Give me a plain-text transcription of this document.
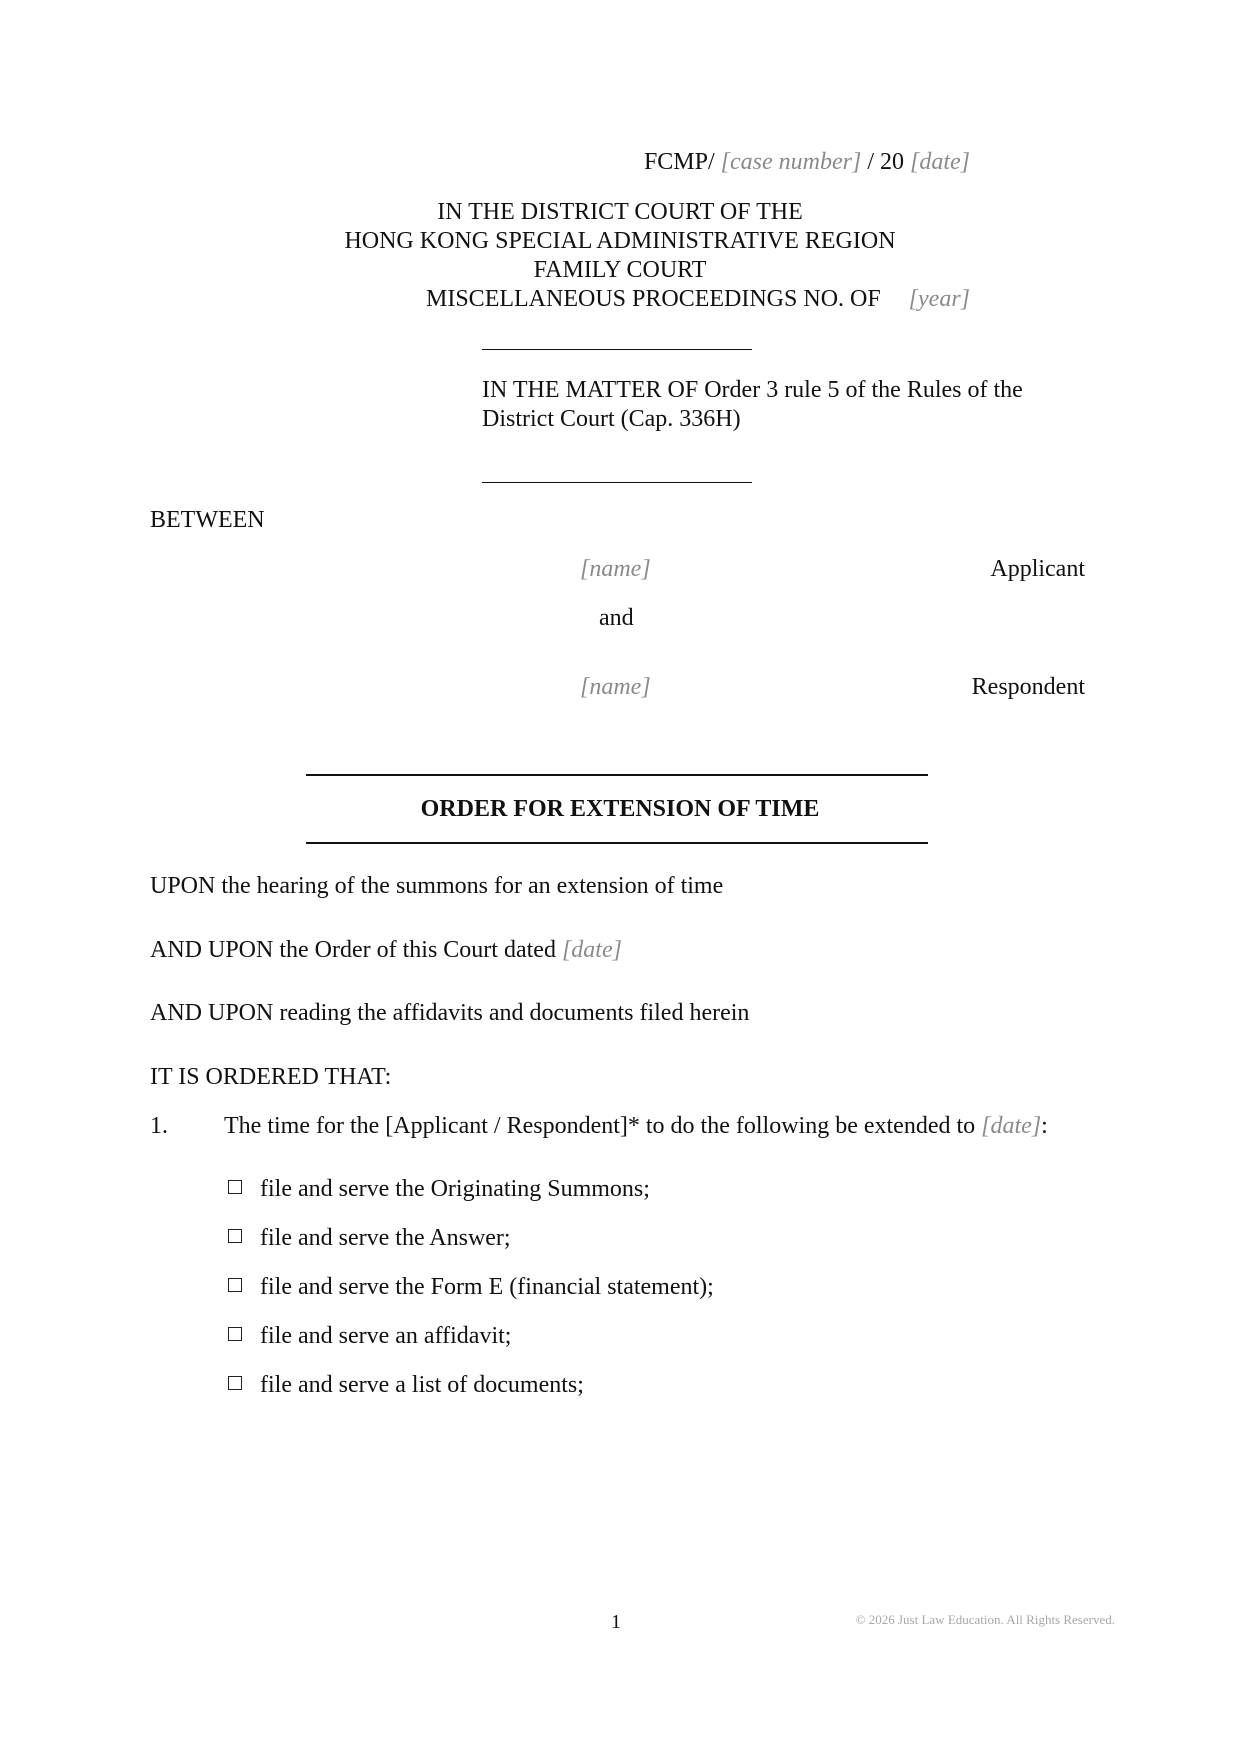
FCMP/ [case number] / 20 [date]
IN THE DISTRICT COURT OF THE
HONG KONG SPECIAL ADMINISTRATIVE REGION
FAMILY COURT
MISCELLANEOUS PROCEEDINGS NO. OF [year]
IN THE MATTER OF Order 3 rule 5 of the Rules of the
District Court (Cap. 336H)
BETWEEN
[name]	Applicant
and
[name]	Respondent
ORDER FOR EXTENSION OF TIME
UPON the hearing of the summons for an extension of time
AND UPON the Order of this Court dated [date]
AND UPON reading the affidavits and documents filed herein
IT IS ORDERED THAT:
1. The time for the [Applicant / Respondent]* to do the following be extended to [date]:
file and serve the Originating Summons;
file and serve the Answer;
file and serve the Form E (financial statement);
file and serve an affidavit;
file and serve a list of documents;
1	© 2026 Just Law Education. All Rights Reserved.
